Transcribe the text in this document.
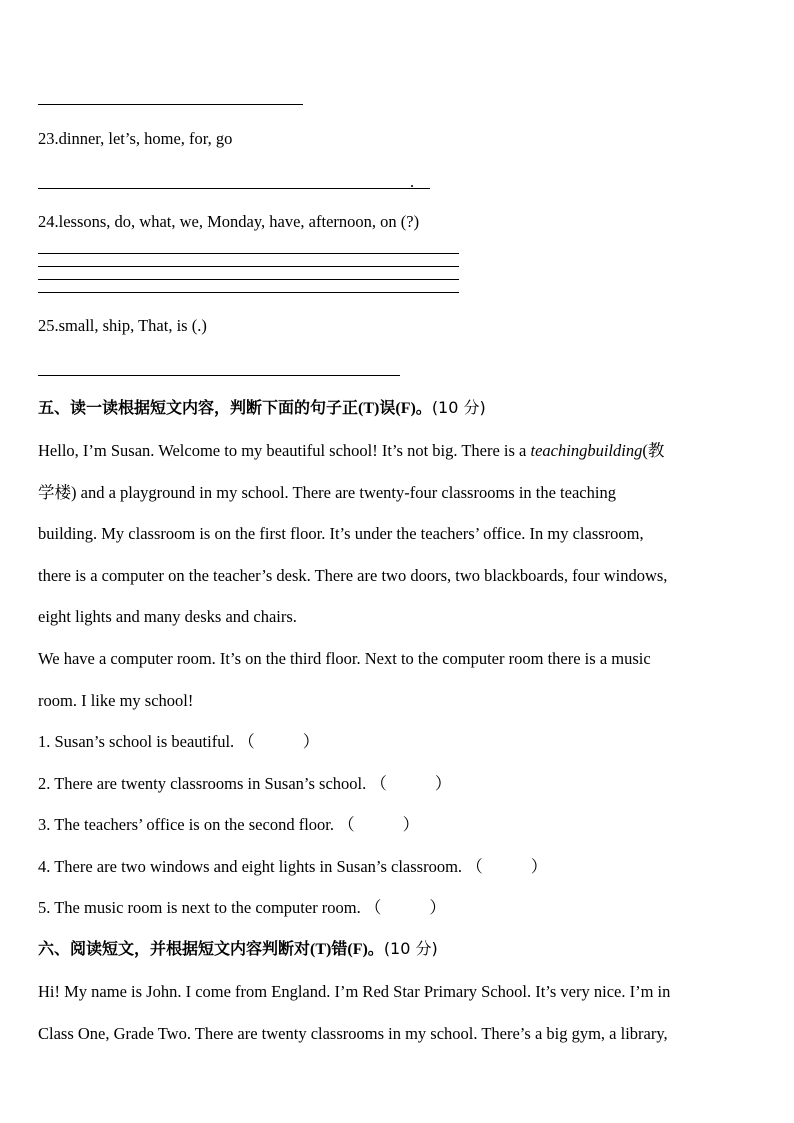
23.dinner, let’s, home, for, go
.
24.lessons, do, what, we, Monday, have, afternoon, on (?)
25.small, ship, That, is (.)
五、读一读根据短文内容，判断下面的句子正(T)误(F)。(10 分)
Hello, I’m Susan. Welcome to my beautiful school! It’s not big. There is a teachingbuilding(教
学楼) and a playground in my school. There are twenty-four classrooms in the teaching
building. My classroom is on the first floor. It’s under the teachers’ office. In my classroom,
there is a computer on the teacher’s desk. There are two doors, two blackboards, four windows,
eight lights and many desks and chairs.
We have a computer room. It’s on the third floor. Next to the computer room there is a music
room. I like my school!
1. Susan’s school is beautiful. （	）
2. There are twenty classrooms in Susan’s school. （	）
3. The teachers’ office is on the second floor. （	）
4. There are two windows and eight lights in Susan’s classroom. （	）
5. The music room is next to the computer room. （	）
六、阅读短文，并根据短文内容判断对(T)错(F)。(10 分)
Hi! My name is John. I come from England. I’m Red Star Primary School. It’s very nice. I’m in
Class One, Grade Two. There are twenty classrooms in my school. There’s a big gym, a library,
